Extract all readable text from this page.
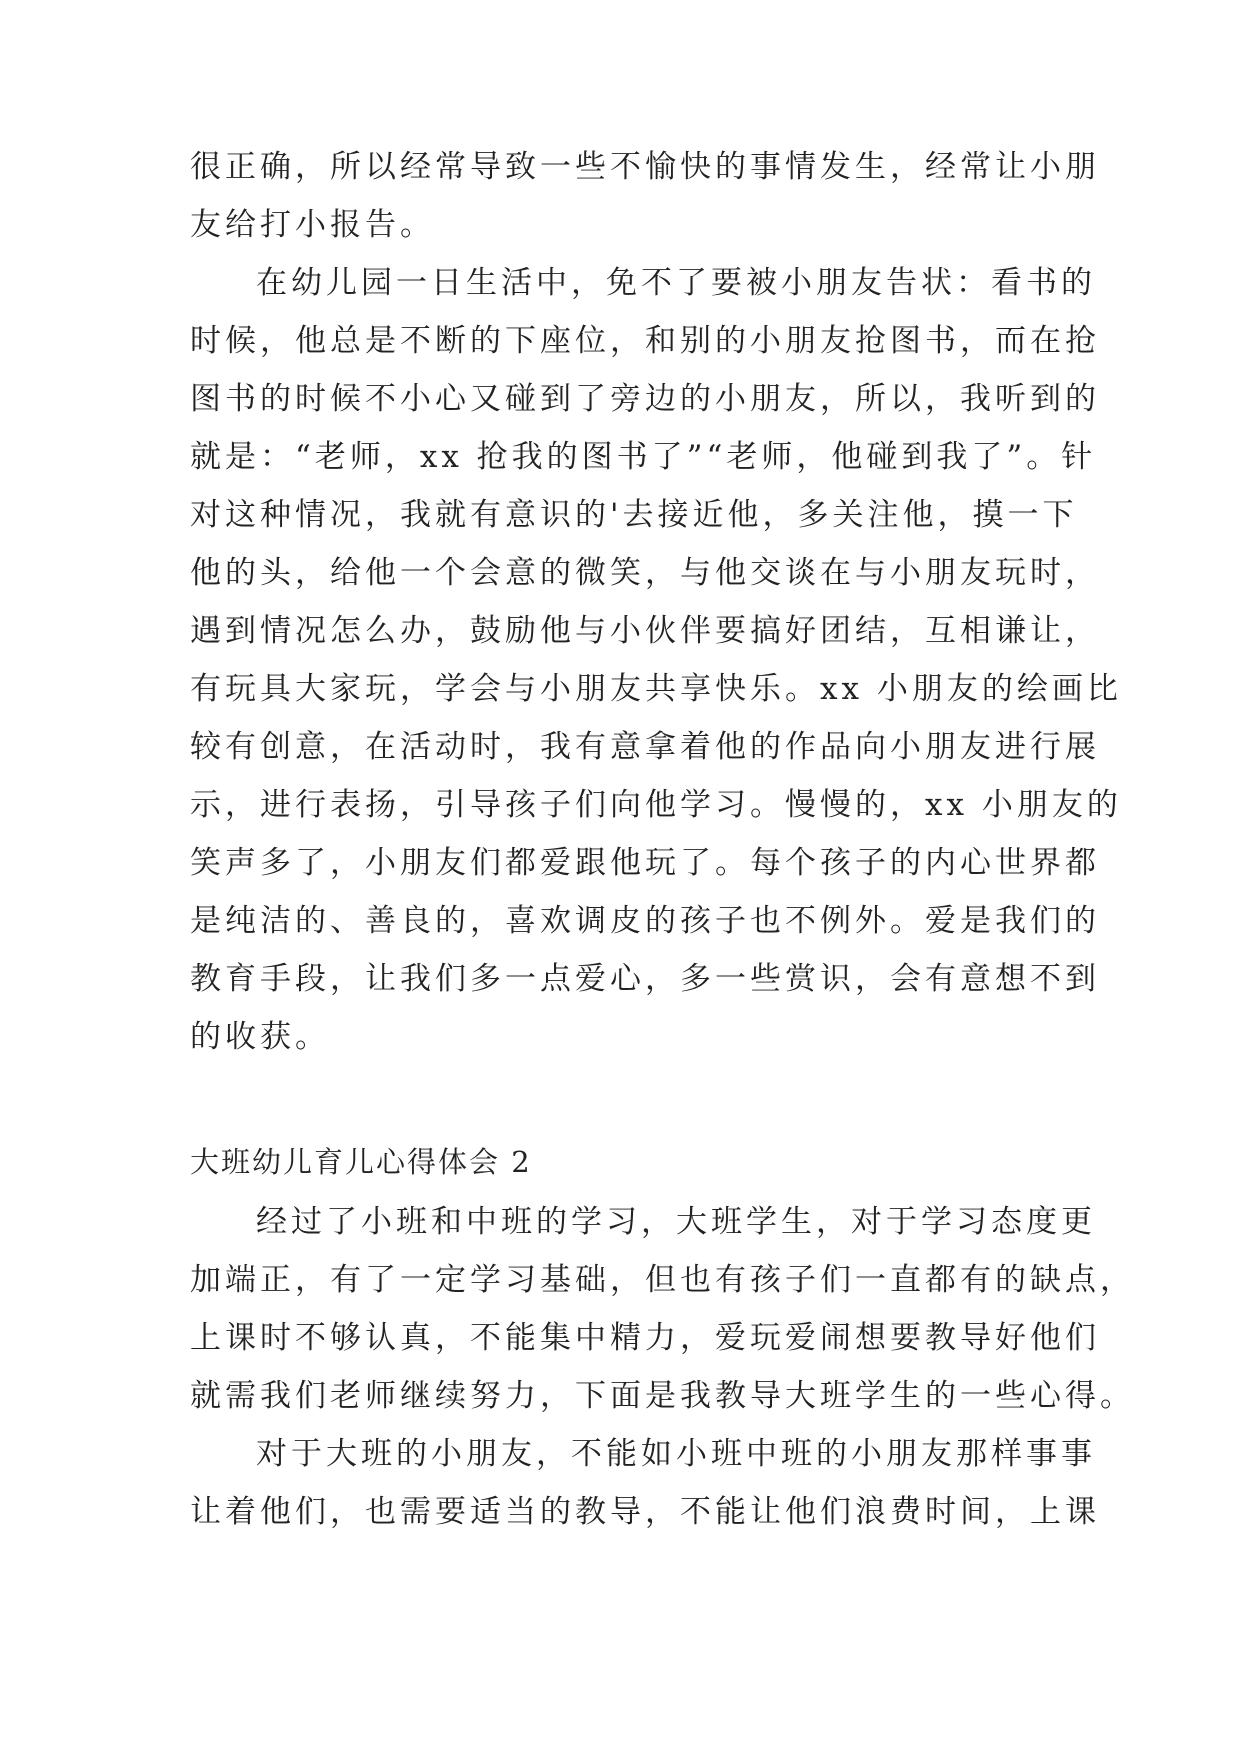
很正确，所以经常导致一些不愉快的事情发生，经常让小朋
友给打小报告。
在幼儿园一日生活中，免不了要被小朋友告状：看书的
时候，他总是不断的下座位，和别的小朋友抢图书，而在抢
图书的时候不小心又碰到了旁边的小朋友，所以，我听到的
就是：“老师，xx 抢我的图书了”“老师，他碰到我了”。针
对这种情况，我就有意识的'去接近他，多关注他，摸一下
他的头，给他一个会意的微笑，与他交谈在与小朋友玩时，
遇到情况怎么办，鼓励他与小伙伴要搞好团结，互相谦让，
有玩具大家玩，学会与小朋友共享快乐。xx 小朋友的绘画比
较有创意，在活动时，我有意拿着他的作品向小朋友进行展
示，进行表扬，引导孩子们向他学习。慢慢的，xx 小朋友的
笑声多了，小朋友们都爱跟他玩了。每个孩子的内心世界都
是纯洁的、善良的，喜欢调皮的孩子也不例外。爱是我们的
教育手段，让我们多一点爱心，多一些赏识，会有意想不到
的收获。
大班幼儿育儿心得体会 2
经过了小班和中班的学习，大班学生，对于学习态度更
加端正，有了一定学习基础，但也有孩子们一直都有的缺点，
上课时不够认真，不能集中精力，爱玩爱闹想要教导好他们
就需我们老师继续努力，下面是我教导大班学生的一些心得。
对于大班的小朋友，不能如小班中班的小朋友那样事事
让着他们，也需要适当的教导，不能让他们浪费时间，上课
